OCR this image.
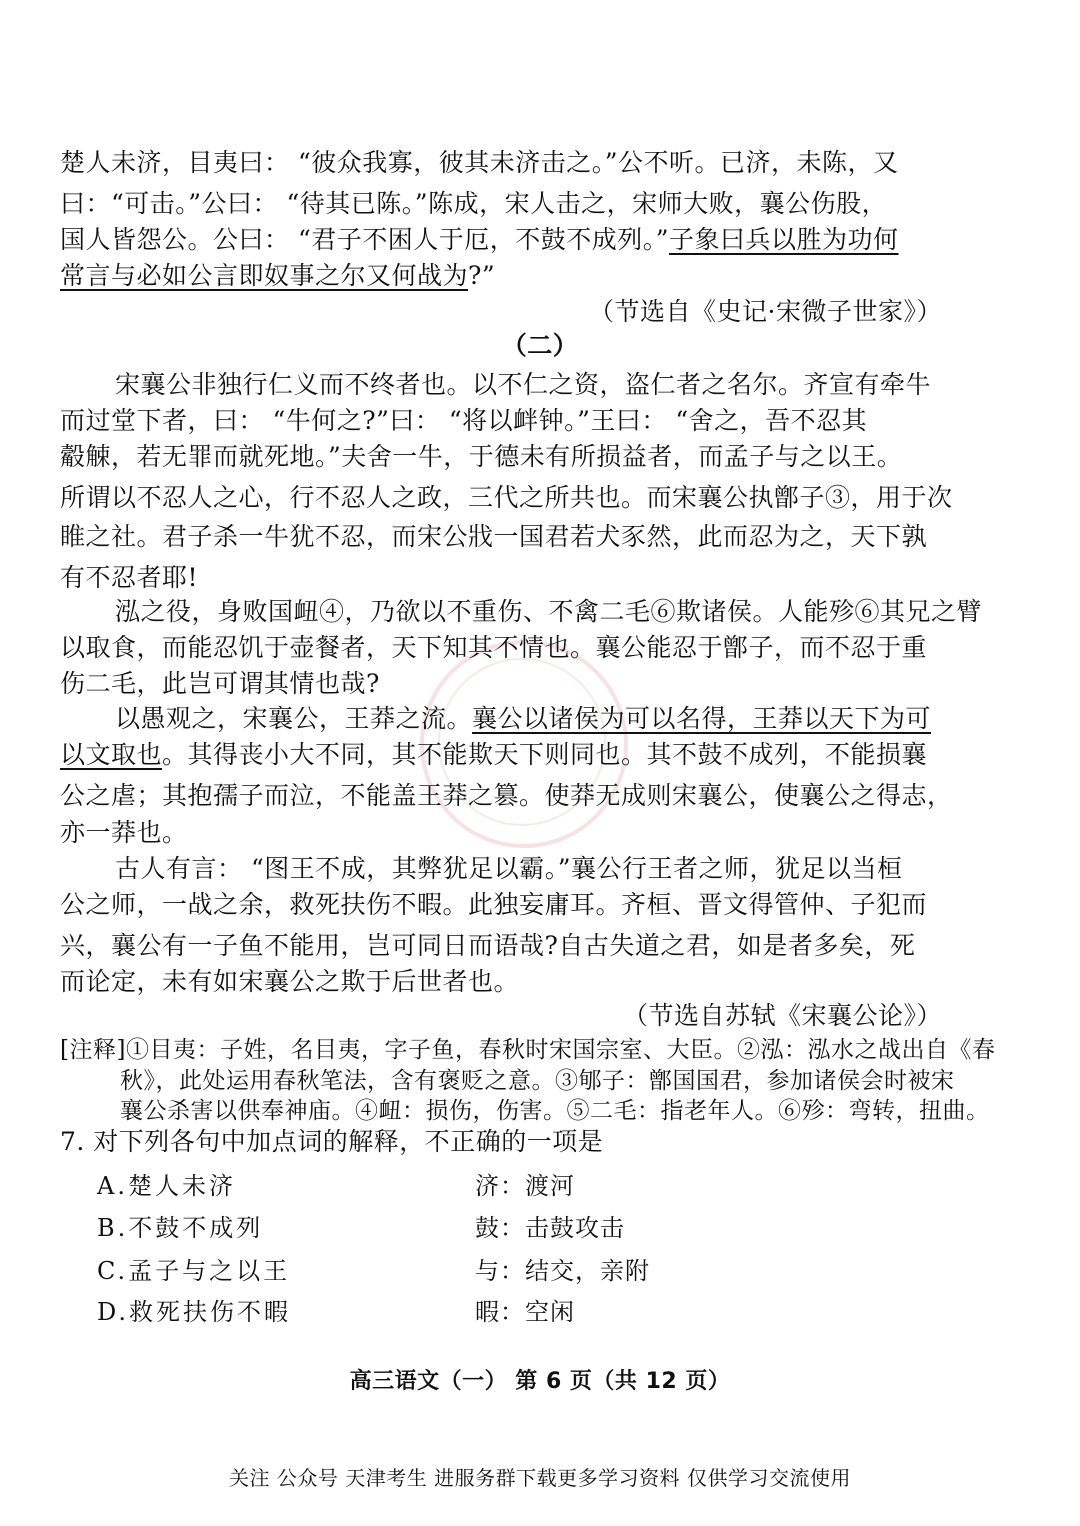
楚人未济，目夷曰： “彼众我寡，彼其未济击之。”公不听。已济，未陈，又
曰：“可击。”公曰： “待其已陈。”陈成，宋人击之，宋师大败，襄公伤股，
国人皆怨公。公曰： “君子不困人于厄，不鼓不成列。”子象曰兵以胜为功何
常言与必如公言即奴事之尔又何战为?”
（节选自《史记·宋微子世家》）
（二）
宋襄公非独行仁义而不终者也。以不仁之资，盗仁者之名尔。齐宣有牵牛
而过堂下者，曰： “牛何之?”曰： “将以衅钟。”王曰： “舍之，吾不忍其
觳觫，若无罪而就死地。”夫舍一牛，于德未有所损益者，而孟子与之以王。
所谓以不忍人之心，行不忍人之政，三代之所共也。而宋襄公执鄫子③，用于次
睢之社。君子杀一牛犹不忍，而宋公戕一国君若犬豕然，此而忍为之，天下孰
有不忍者耶!
泓之役，身败国衄④，乃欲以不重伤、不禽二毛⑥欺诸侯。人能殄⑥其兄之臂
以取食，而能忍饥于壶餐者，天下知其不情也。襄公能忍于鄫子，而不忍于重
伤二毛，此岂可谓其情也哉?
以愚观之，宋襄公，王莽之流。襄公以诸侯为可以名得，王莽以天下为可
以文取也。其得丧小大不同，其不能欺天下则同也。其不鼓不成列，不能损襄
公之虐；其抱孺子而泣，不能盖王莽之篡。使莽无成则宋襄公，使襄公之得志，
亦一莽也。
古人有言： “图王不成，其弊犹足以霸。”襄公行王者之师，犹足以当桓
公之师，一战之余，救死扶伤不暇。此独妄庸耳。齐桓、晋文得管仲、子犯而
兴，襄公有一子鱼不能用，岂可同日而语哉?自古失道之君，如是者多矣，死
而论定，未有如宋襄公之欺于后世者也。
（节选自苏轼《宋襄公论》）
[注释]①目夷：子姓，名目夷，字子鱼，春秋时宋国宗室、大臣。②泓：泓水之战出自《春
秋》，此处运用春秋笔法，含有褒贬之意。③郇子：鄫国国君，参加诸侯会时被宋
襄公杀害以供奉神庙。④衄：损伤，伤害。⑤二毛：指老年人。⑥殄：弯转，扭曲。
7. 对下列各句中加点词的解释，不正确的一项是
A.楚人未济	济：渡河
B.不鼓不成列	鼓：击鼓攻击
C.孟子与之以王	与：结交，亲附
D.救死扶伤不暇	暇：空闲
高三语文（一） 第 6 页（共 12 页）
关注 公众号 天津考生 进服务群下载更多学习资料 仅供学习交流使用
